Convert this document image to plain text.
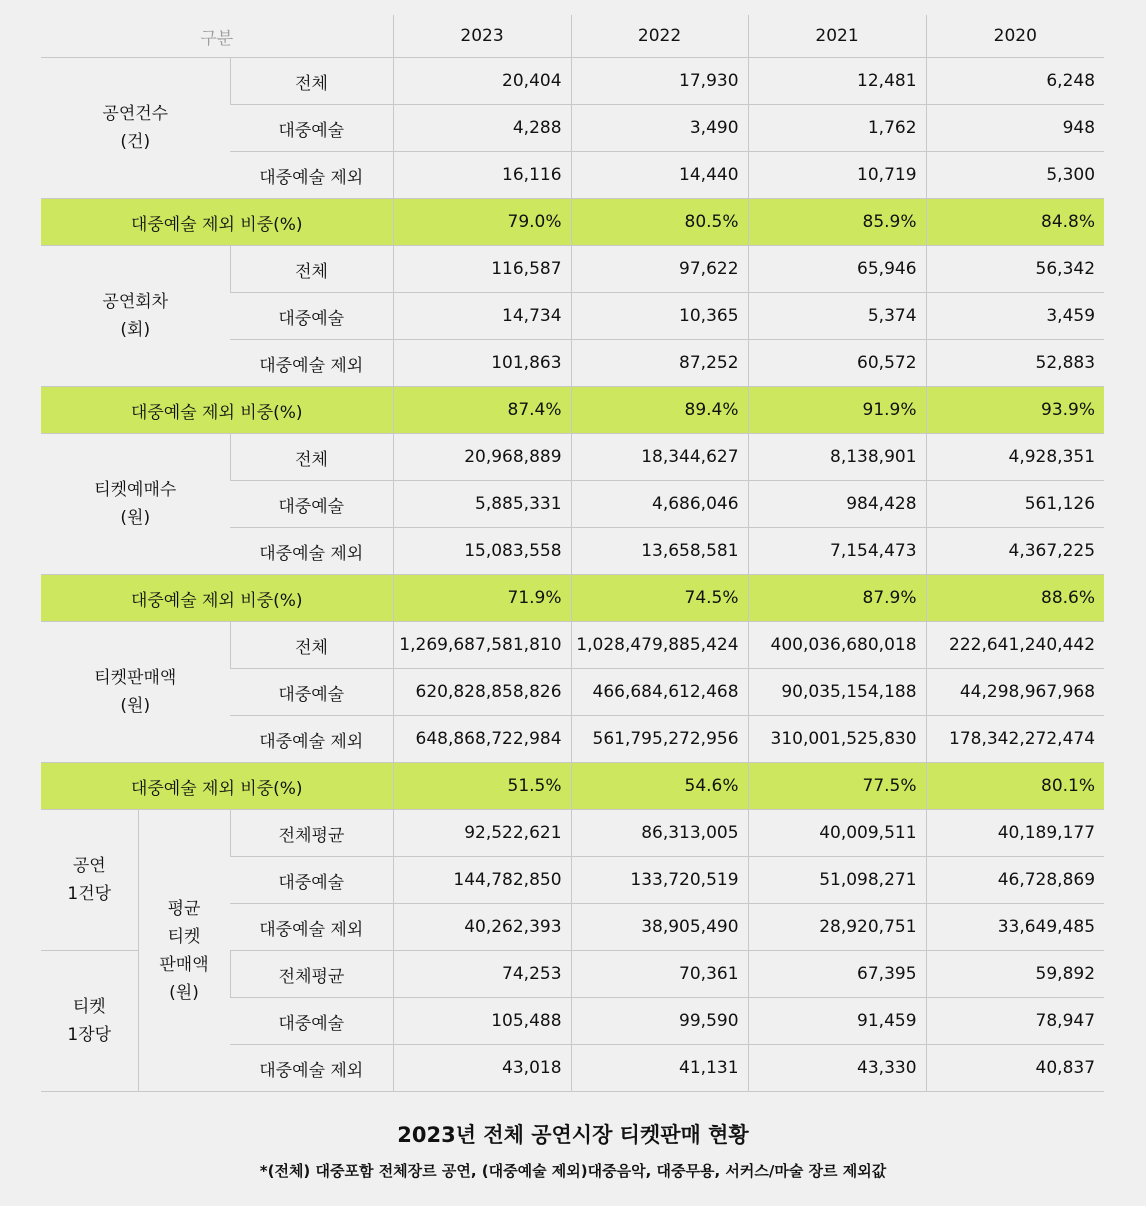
구분			2023	2022	2021	2020
공연건수
(건)		전체	20,404	17,930	12,481	6,248
		대중예술	4,288	3,490	1,762	948
		대중예술 제외	16,116	14,440	10,719	5,300
대중예술 제외 비중(%)			79.0%	80.5%	85.9%	84.8%
공연회차
(회)		전체	116,587	97,622	65,946	56,342
		대중예술	14,734	10,365	5,374	3,459
		대중예술 제외	101,863	87,252	60,572	52,883
대중예술 제외 비중(%)			87.4%	89.4%	91.9%	93.9%
티켓예매수
(원)		전체	20,968,889	18,344,627	8,138,901	4,928,351
		대중예술	5,885,331	4,686,046	984,428	561,126
		대중예술 제외	15,083,558	13,658,581	7,154,473	4,367,225
대중예술 제외 비중(%)			71.9%	74.5%	87.9%	88.6%
티켓판매액
(원)		전체	1,269,687,581,810	1,028,479,885,424	400,036,680,018	222,641,240,442
		대중예술	620,828,858,826	466,684,612,468	90,035,154,188	44,298,967,968
		대중예술 제외	648,868,722,984	561,795,272,956	310,001,525,830	178,342,272,474
대중예술 제외 비중(%)			51.5%	54.6%	77.5%	80.1%
공연
1건당	평균
티켓
판매액
(원)	전체평균	92,522,621	86,313,005	40,009,511	40,189,177
		대중예술	144,782,850	133,720,519	51,098,271	46,728,869
		대중예술 제외	40,262,393	38,905,490	28,920,751	33,649,485
티켓
1장당		전체평균	74,253	70,361	67,395	59,892
		대중예술	105,488	99,590	91,459	78,947
		대중예술 제외	43,018	41,131	43,330	40,837
2023년 전체 공연시장 티켓판매 현황
*(전체) 대중포함 전체장르 공연, (대중예술 제외)대중음악, 대중무용, 서커스/마술 장르 제외값
